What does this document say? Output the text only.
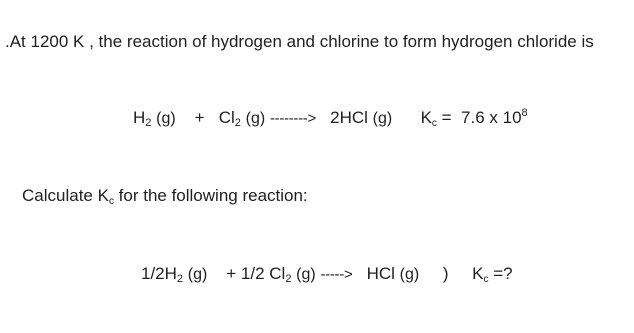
.At 1200 K , the reaction of hydrogen and chlorine to form hydrogen chloride is
$H_2$ $(g) + Cl_2$ (g) --------> 2HCl (g) Kc = 7.6 x $10^8$
Calculate Kc for the following reaction:
$1/2H_2$ (g) + 1/2 $Cl_2$ (g) -----> HCl (g) ) Kc =?
